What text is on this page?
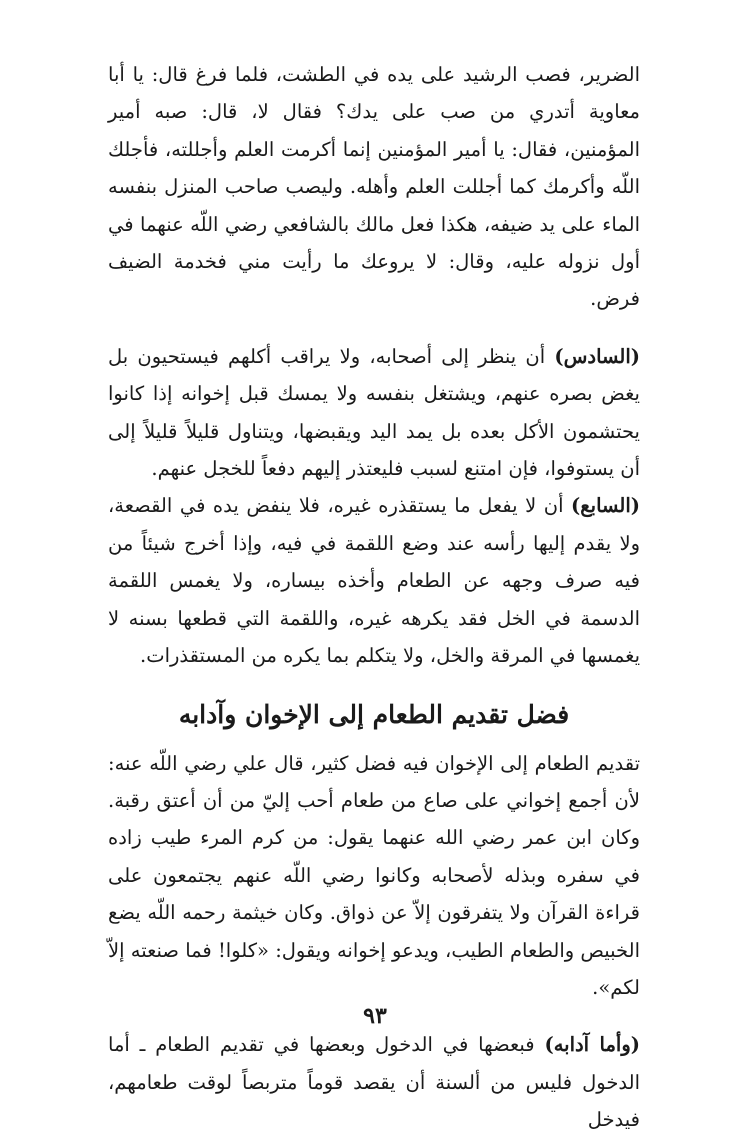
الضرير، فصب الرشيد على يده في الطشت، فلما فرغ قال: يا أبا معاوية أتدري من صب على يدك؟ فقال لا، قال: صبه أمير المؤمنين، فقال: يا أمير المؤمنين إنما أكرمت العلم وأجللته، فأجلك اللّه وأكرمك كما أجللت العلم وأهله. وليصب صاحب المنزل بنفسه الماء على يد ضيفه، هكذا فعل مالك بالشافعي رضي اللّه عنهما في أول نزوله عليه، وقال: لا يروعك ما رأيت مني فخدمة الضيف فرض.

(السادس) أن ينظر إلى أصحابه، ولا يراقب أكلهم فيستحيون بل يغض بصره عنهم، ويشتغل بنفسه ولا يمسك قبل إخوانه إذا كانوا يحتشمون الأكل بعده بل يمد اليد ويقبضها، ويتناول قليلاً قليلاً إلى أن يستوفوا، فإن امتنع لسبب فليعتذر إليهم دفعاً للخجل عنهم.

(السابع) أن لا يفعل ما يستقذره غيره، فلا ينفض يده في القصعة، ولا يقدم إليها رأسه عند وضع اللقمة في فيه، وإذا أخرج شيئاً من فيه صرف وجهه عن الطعام وأخذه بيساره، ولا يغمس اللقمة الدسمة في الخل فقد يكرهه غيره، واللقمة التي قطعها بسنه لا يغمسها في المرقة والخل، ولا يتكلم بما يكره من المستقذرات.

فضل تقديم الطعام إلى الإخوان وآدابه

تقديم الطعام إلى الإخوان فيه فضل كثير، قال علي رضي اللّه عنه: لأن أجمع إخواني على صاع من طعام أحب إليّ من أن أعتق رقبة. وكان ابن عمر رضي الله عنهما يقول: من كرم المرء طيب زاده في سفره وبذله لأصحابه وكانوا رضي اللّه عنهم يجتمعون على قراءة القرآن ولا يتفرقون إلاّ عن ذواق. وكان خيثمة رحمه اللّه يضع الخبيص والطعام الطيب، ويدعو إخوانه ويقول: «كلوا! فما صنعته إلاّ لكم».

(وأما آدابه) فبعضها في الدخول وبعضها في تقديم الطعام ـ أما الدخول فليس من ألسنة أن يقصد قوماً متربصاً لوقت طعامهم، فيدخل

٩٣
